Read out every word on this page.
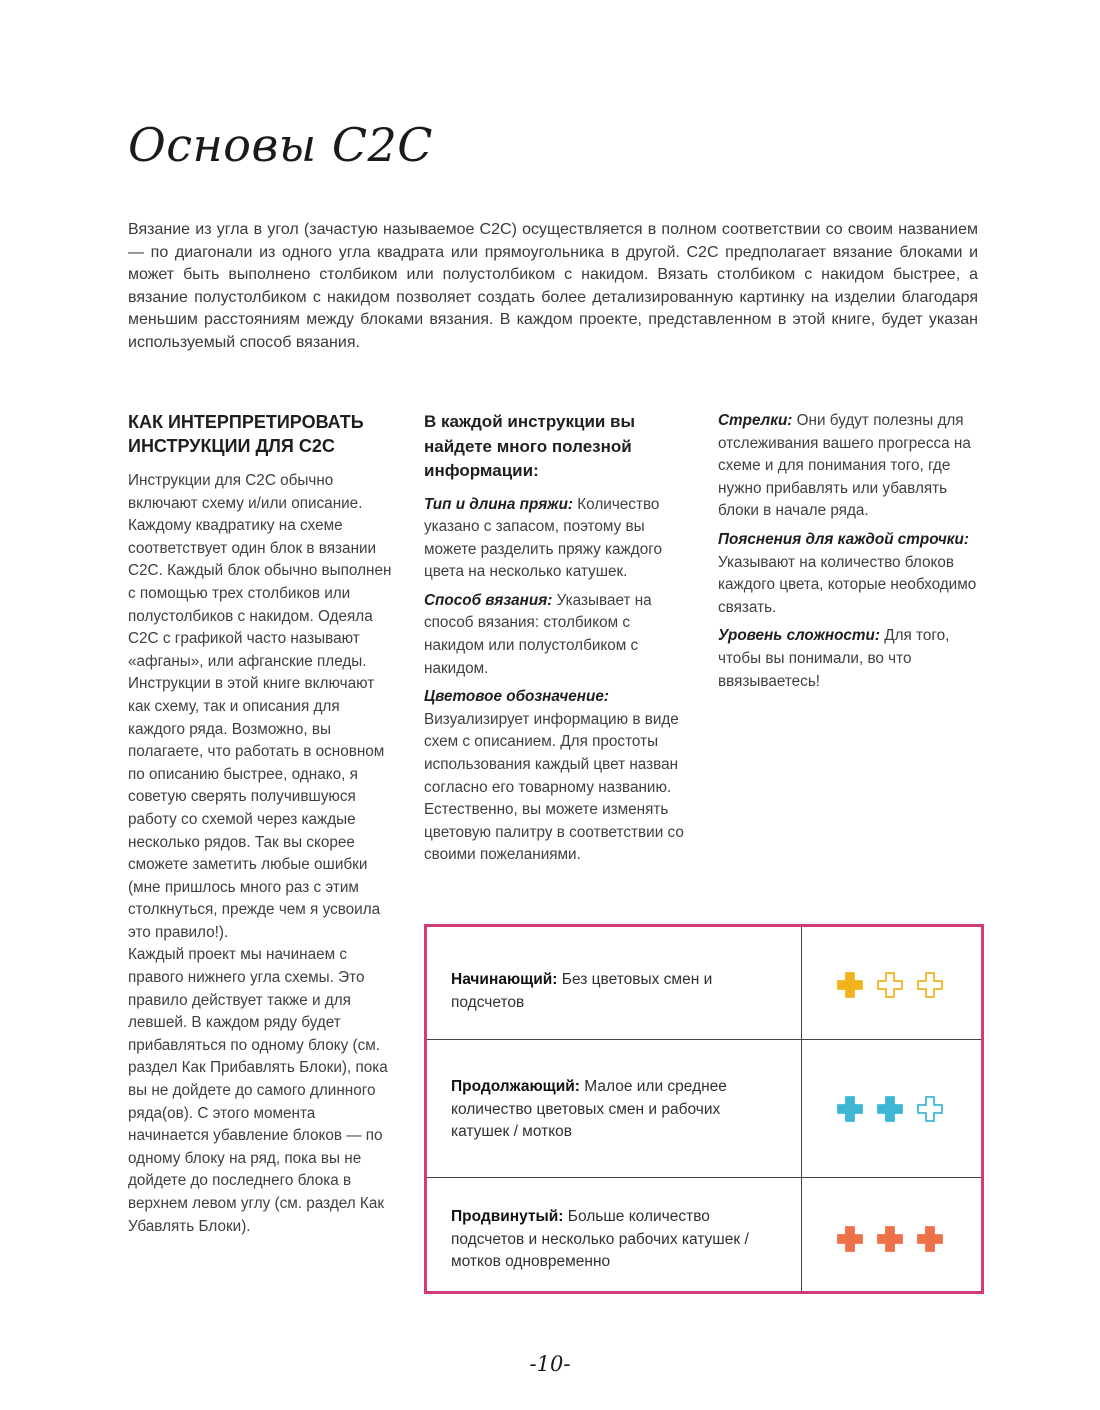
Основы С2С

Вязание из угла в угол (зачастую называемое С2С) осуществляется в полном соответствии со своим названием — по диагонали из одного угла квадрата или прямоугольника в другой. С2С предполагает вязание блоками и может быть выполнено столбиком или полустолбиком с накидом. Вязать столбиком с накидом быстрее, а вязание полустолбиком с накидом позволяет создать более детализированную картинку на изделии благодаря меньшим расстояниям между блоками вязания. В каждом проекте, представленном в этой книге, будет указан используемый способ вязания.

КАК ИНТЕРПРЕТИРОВАТЬ ИНСТРУКЦИИ ДЛЯ С2С

Инструкции для С2С обычно включают схему и/или описание. Каждому квадратику на схеме соответствует один блок в вязании С2С. Каждый блок обычно выполнен с помощью трех столбиков или полустолбиков с накидом. Одеяла С2С с графикой часто называют «афганы», или афганские пледы.

Инструкции в этой книге включают как схему, так и описания для каждого ряда. Возможно, вы полагаете, что работать в основном по описанию быстрее, однако, я советую сверять получившуюся работу со схемой через каждые несколько рядов. Так вы скорее сможете заметить любые ошибки (мне пришлось много раз с этим столкнуться, прежде чем я усвоила это правило!).

Каждый проект мы начинаем с правого нижнего угла схемы. Это правило действует также и для левшей. В каждом ряду будет прибавляться по одному блоку (см. раздел Как Прибавлять Блоки), пока вы не дойдете до самого длинного ряда(ов). С этого момента начинается убавление блоков — по одному блоку на ряд, пока вы не дойдете до последнего блока в верхнем левом углу (см. раздел Как Убавлять Блоки).

В каждой инструкции вы найдете много полезной информации:

Тип и длина пряжи: Количество указано с запасом, поэтому вы можете разделить пряжу каждого цвета на несколько катушек.

Способ вязания: Указывает на способ вязания: столбиком с накидом или полустолбиком с накидом.

Цветовое обозначение: Визуализирует информацию в виде схем с описанием. Для простоты использования каждый цвет назван согласно его товарному названию. Естественно, вы можете изменять цветовую палитру в соответствии со своими пожеланиями.

Стрелки: Они будут полезны для отслеживания вашего прогресса на схеме и для понимания того, где нужно прибавлять или убавлять блоки в начале ряда.

Пояснения для каждой строчки: Указывают на количество блоков каждого цвета, которые необходимо связать.

Уровень сложности: Для того, чтобы вы понимали, во что ввязываетесь!

Начинающий: Без цветовых смен и подсчетов
Продолжающий: Малое или среднее количество цветовых смен и рабочих катушек / мотков
Продвинутый: Больше количество подсчетов и несколько рабочих катушек / мотков одновременно
-10-
